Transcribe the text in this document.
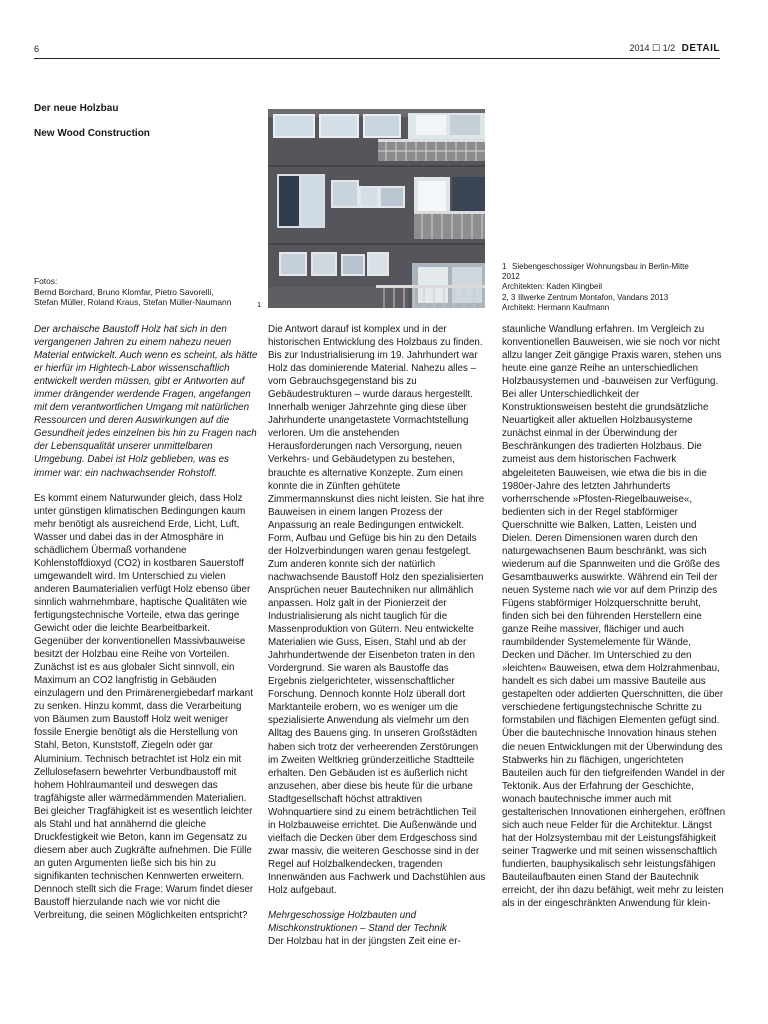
6	2014 ☐ 1/2 DETAIL
Der neue Holzbau
New Wood Construction
Fotos:
Bernd Borchard, Bruno Klomfar, Pietro Savorelli,
Stefan Müller, Roland Kraus, Stefan Müller-Naumann	1
1 Siebengeschossiger Wohnungsbau in Berlin-Mitte
2012
Architekten: Kaden Klingbeil
2, 3 Illwerke Zentrum Montafon, Vandans 2013
Architekt: Hermann Kaufmann

Der archaische Baustoff Holz hat sich in den vergangenen Jahren zu einem nahezu neuen Material entwickelt. Auch wenn es scheint, als hätte er hierfür im Hightech-Labor wissenschaftlich entwickelt werden müssen, gibt er Antworten auf immer drängender werdende Fragen, angefangen mit dem verantwortlichen Umgang mit natürlichen Ressourcen und deren Auswirkungen auf die Gesundheit jedes einzelnen bis hin zu Fragen nach der Lebensqualität unserer unmittelbaren Umgebung. Dabei ist Holz geblieben, was es immer war: ein nachwachsender Rohstoff.

Es kommt einem Naturwunder gleich, dass Holz unter günstigen klimatischen Bedingungen kaum mehr benötigt als ausreichend Erde, Licht, Luft, Wasser und dabei das in der Atmosphäre in schädlichem Übermaß vorhandene Kohlenstoffdioxyd (CO2) in kostbaren Sauerstoff umgewandelt wird. Im Unterschied zu vielen anderen Baumaterialien verfügt Holz ebenso über sinnlich wahrnehmbare, haptische Qualitäten wie fertigungstechnische Vorteile, etwa das geringe Gewicht oder die leichte Bearbeitbarkeit. Gegenüber der konventionellen Massivbauweise besitzt der Holzbau eine Reihe von Vorteilen. Zunächst ist es aus globaler Sicht sinnvoll, ein Maximum an CO2 langfristig in Gebäuden einzulagern und den Primärenergiebedarf markant zu senken. Hinzu kommt, dass die Verarbeitung von Bäumen zum Baustoff Holz weit weniger fossile Energie benötigt als die Herstellung von Stahl, Beton, Kunststoff, Ziegeln oder gar Aluminium. Technisch betrachtet ist Holz ein mit Zellulosefasern bewehrter Verbundbaustoff mit hohem Hohlraumanteil und deswegen das tragfähigste aller wärmedämmenden Materialien. Bei gleicher Tragfähigkeit ist es wesentlich leichter als Stahl und hat annähernd die gleiche Druckfestigkeit wie Beton, kann im Gegensatz zu diesem aber auch Zugkräfte aufnehmen. Die Fülle an guten Argumenten ließe sich bis hin zu signifikanten technischen Kennwerten erweitern. Dennoch stellt sich die Frage: Warum findet dieser Baustoff hierzulande nach wie vor nicht die Verbreitung, die seinen Möglichkeiten entspricht?

Die Antwort darauf ist komplex und in der historischen Entwicklung des Holzbaus zu finden. Bis zur Industrialisierung im 19. Jahrhundert war Holz das dominierende Material. Nahezu alles – vom Gebrauchsgegenstand bis zu Gebäudestrukturen – wurde daraus hergestellt. Innerhalb weniger Jahrzehnte ging diese über Jahrhunderte unangetastete Vormachtstellung verloren. Um die anstehenden Herausforderungen nach Versorgung, neuen Verkehrs- und Gebäudetypen zu bestehen, brauchte es alternative Konzepte. Zum einen konnte die in Zünften gehütete Zimmermannskunst dies nicht leisten. Sie hat ihre Bauweisen in einem langen Prozess der Anpassung an reale Bedingungen entwickelt. Form, Aufbau und Gefüge bis hin zu den Details der Holzverbindungen waren genau festgelegt. Zum anderen konnte sich der natürlich nachwachsende Baustoff Holz den spezialisierten Ansprüchen neuer Bautechniken nur allmählich anpassen. Holz galt in der Pionierzeit der Industrialisierung als nicht tauglich für die Massenproduktion von Gütern. Neu entwickelte Materialien wie Guss, Eisen, Stahl und ab der Jahrhundertwende der Eisenbeton traten in den Vordergrund. Sie waren als Baustoffe das Ergebnis zielgerichteter, wissenschaftlicher Forschung. Dennoch konnte Holz überall dort Marktanteile erobern, wo es weniger um die spezialisierte Anwendung als vielmehr um den Alltag des Bauens ging. In unseren Großstädten haben sich trotz der verheerenden Zerstörungen im Zweiten Weltkrieg gründerzeitliche Stadtteile erhalten. Den Gebäuden ist es äußerlich nicht anzusehen, aber diese bis heute für die urbane Stadtgesellschaft höchst attraktiven Wohnquartiere sind zu einem beträchtlichen Teil in Holzbauweise errichtet. Die Außenwände und vielfach die Decken über dem Erdgeschoss sind zwar massiv, die weiteren Geschosse sind in der Regel auf Holzbalkendecken, tragenden Innenwänden aus Fachwerk und Dachstühlen aus Holz aufgebaut.

Mehrgeschossige Holzbauten und Mischkonstruktionen – Stand der Technik

Der Holzbau hat in der jüngsten Zeit eine er-

staunliche Wandlung erfahren. Im Vergleich zu konventionellen Bauweisen, wie sie noch vor nicht allzu langer Zeit gängige Praxis waren, stehen uns heute eine ganze Reihe an unterschiedlichen Holzbausystemen und -bauweisen zur Verfügung. Bei aller Unterschiedlichkeit der Konstruktionsweisen besteht die grundsätzliche Neuartigkeit aller aktuellen Holzbausysteme zunächst einmal in der Überwindung der Beschränkungen des tradierten Holzbaus. Die zumeist aus dem historischen Fachwerk abgeleiteten Bauweisen, wie etwa die bis in die 1980er-Jahre des letzten Jahrhunderts vorherrschende »Pfosten-Riegelbauweise«, bedienten sich in der Regel stabförmiger Querschnitte wie Balken, Latten, Leisten und Dielen. Deren Dimensionen waren durch den naturgewachsenen Baum beschränkt, was sich wiederum auf die Spannweiten und die Größe des Gesamtbauwerks auswirkte. Während ein Teil der neuen Systeme nach wie vor auf dem Prinzip des Fügens stabförmiger Holzquerschnitte beruht, finden sich bei den führenden Herstellern eine ganze Reihe massiver, flächiger und auch raumbildender Systemelemente für Wände, Decken und Dächer. Im Unterschied zu den »leichten« Bauweisen, etwa dem Holzrahmenbau, handelt es sich dabei um massive Bauteile aus gestapelten oder addierten Querschnitten, die über verschiedene fertigungstechnische Schritte zu formstabilen und flächigen Elementen gefügt sind. Über die bautechnische Innovation hinaus stehen die neuen Entwicklungen mit der Überwindung des Stabwerks hin zu flächigen, ungerichteten Bauteilen auch für den tiefgreifenden Wandel in der Tektonik. Aus der Erfahrung der Geschichte, wonach bautechnische immer auch mit gestalterischen Innovationen einhergehen, eröffnen sich auch neue Felder für die Architektur. Längst hat der Holzsystembau mit der Leistungsfähigkeit seiner Tragwerke und mit seinen wissenschaftlich fundierten, bauphysikalisch sehr leistungsfähigen Bauteilaufbauten einen Stand der Bautechnik erreicht, der ihn dazu befähigt, weit mehr zu leisten als in der eingeschränkten Anwendung für klein-
